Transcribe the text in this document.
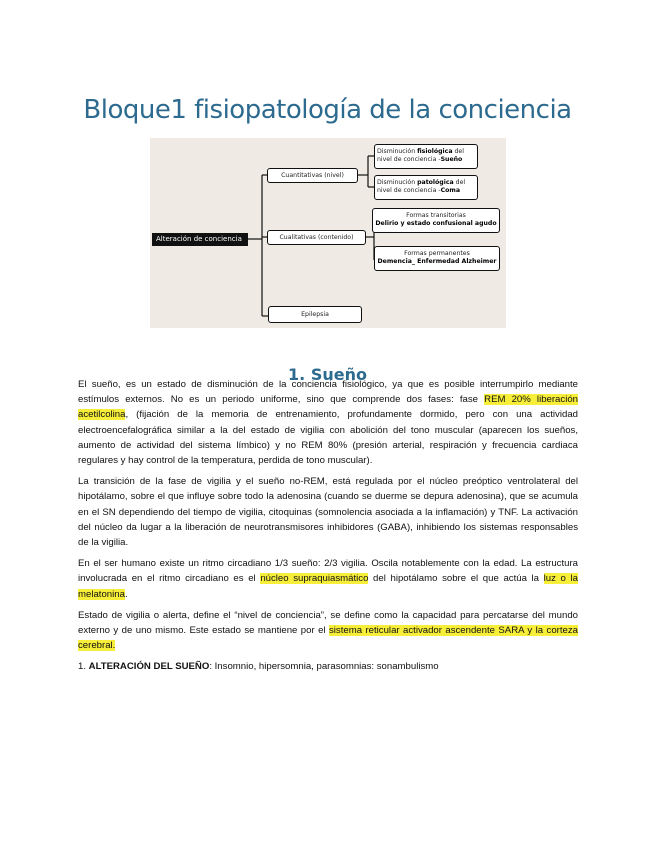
Bloque1 fisiopatología de la conciencia
Alteración de conciencia
Cuantitativas (nivel)
Disminución fisiológica del nivel de conciencia -Sueño
Disminución patológica del nivel de conciencia -Coma
Cualitativas (contenido)
Formas transitorias
Delirio y estado confusional agudo
Formas permanentes
Demencia_ Enfermedad Alzheimer
Epilepsia
1. Sueño

El sueño, es un estado de disminución de la conciencia fisiológico, ya que es posible interrumpirlo mediante estímulos externos. No es un periodo uniforme, sino que comprende dos fases: fase REM 20% liberación acetilcolina, (fijación de la memoria de entrenamiento, profundamente dormido, pero con una actividad electroencefalográfica similar a la del estado de vigilia con abolición del tono muscular (aparecen los sueños, aumento de actividad del sistema límbico) y no REM 80% (presión arterial, respiración y frecuencia cardiaca regulares y hay control de la temperatura, perdida de tono muscular).

La transición de la fase de vigilia y el sueño no-REM, está regulada por el núcleo preóptico ventrolateral del hipotálamo, sobre el que influye sobre todo la adenosina (cuando se duerme se depura adenosina), que se acumula en el SN dependiendo del tiempo de vigilia, citoquinas (somnolencia asociada a la inflamación) y TNF. La activación del núcleo da lugar a la liberación de neurotransmisores inhibidores (GABA), inhibiendo los sistemas responsables de la vigilia.

En el ser humano existe un ritmo circadiano 1/3 sueño: 2/3 vigilia. Oscila notablemente con la edad. La estructura involucrada en el ritmo circadiano es el núcleo supraquiasmático del hipotálamo sobre el que actúa la luz o la melatonina.

Estado de vigilia o alerta, define el “nivel de conciencia”, se define como la capacidad para percatarse del mundo externo y de uno mismo. Este estado se mantiene por el sistema reticular activador ascendente SARA y la corteza cerebral.

1. ALTERACIÓN DEL SUEÑO: Insomnio, hipersomnia, parasomnias: sonambulismo
